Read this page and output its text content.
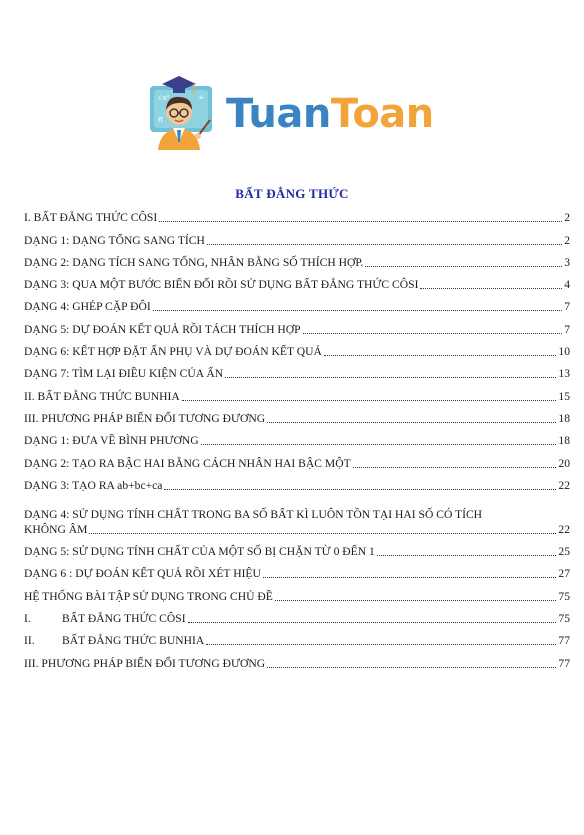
√x²	÷
π TuanToan
BẤT ĐẲNG THỨC
I. BẤT ĐẲNG THỨC CÔSI	2
DẠNG 1: DẠNG TỔNG SANG TÍCH	2
DẠNG 2: DẠNG TÍCH SANG TỔNG, NHÂN BẰNG SỐ THÍCH HỢP.	3
DẠNG 3: QUA MỘT BƯỚC BIẾN ĐỔI RỒI SỬ DỤNG BẤT ĐẲNG THỨC CÔSI	4
DẠNG 4: GHÉP CẶP ĐÔI	7
DẠNG 5: DỰ ĐOÁN KẾT QUẢ RỒI TÁCH THÍCH HỢP	7
DẠNG 6: KẾT HỢP ĐẶT ẨN PHỤ VÀ DỰ ĐOÁN KẾT QUẢ	10
DẠNG 7: TÌM LẠI ĐIỀU KIỆN CỦA ẨN	13
II. BẤT ĐẲNG THỨC BUNHIA	15
III. PHƯƠNG PHÁP BIẾN ĐỔI TƯƠNG ĐƯƠNG	18
DẠNG 1: ĐƯA VỀ BÌNH PHƯƠNG	18
DẠNG 2: TẠO RA BẬC HAI BẰNG CÁCH NHÂN HAI BẬC MỘT	20
DẠNG 3: TẠO RA ab+bc+ca	22
DẠNG 4: SỬ DỤNG TÍNH CHẤT TRONG BA SỐ BẤT KÌ LUÔN TỒN TẠI HAI SỐ CÓ TÍCH
KHÔNG ÂM	22
DẠNG 5: SỬ DỤNG TÍNH CHẤT CỦA MỘT SỐ BỊ CHẶN TỪ 0 ĐẾN 1	25
DẠNG 6 : DỰ ĐOÁN KẾT QUẢ RỒI XÉT HIỆU	27
HỆ THỐNG BÀI TẬP SỬ DỤNG TRONG CHỦ ĐỀ	75
I.	BẤT ĐẲNG THỨC CÔSI	75
II.	BẤT ĐẲNG THỨC BUNHIA	77
III. PHƯƠNG PHÁP BIẾN ĐỔI TƯƠNG ĐƯƠNG	77
